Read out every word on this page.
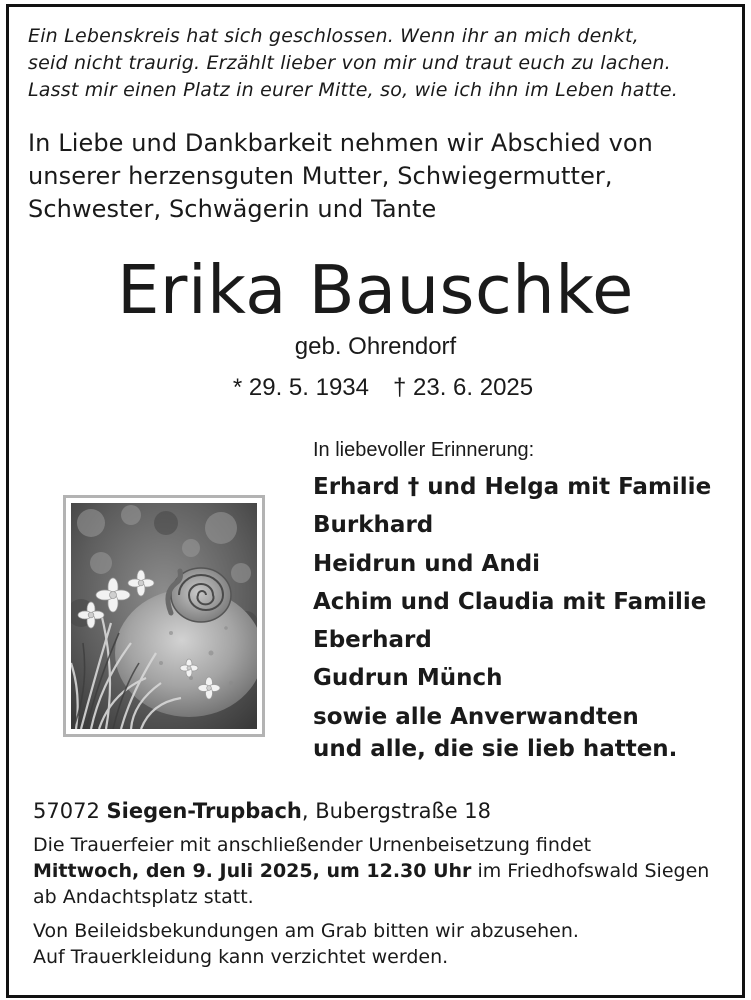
Ein Lebenskreis hat sich geschlossen. Wenn ihr an mich denkt,
seid nicht traurig. Erzählt lieber von mir und traut euch zu lachen.
Lasst mir einen Platz in eurer Mitte, so, wie ich ihn im Leben hatte.
In Liebe und Dankbarkeit nehmen wir Abschied von
unserer herzensguten Mutter, Schwiegermutter,
Schwester, Schwägerin und Tante
Erika Bauschke
geb. Ohrendorf
* 29. 5. 1934 † 23. 6. 2025
In liebevoller Erinnerung:
Erhard † und Helga mit Familie
Burkhard
Heidrun und Andi
Achim und Claudia mit Familie
Eberhard
Gudrun Münch
sowie alle Anverwandten
und alle, die sie lieb hatten.
57072 Siegen-Trupbach, Bubergstraße 18
Die Trauerfeier mit anschließender Urnenbeisetzung findet
Mittwoch, den 9. Juli 2025, um 12.30 Uhr im Friedhofswald Siegen
ab Andachtsplatz statt.
Von Beileidsbekundungen am Grab bitten wir abzusehen.
Auf Trauerkleidung kann verzichtet werden.
